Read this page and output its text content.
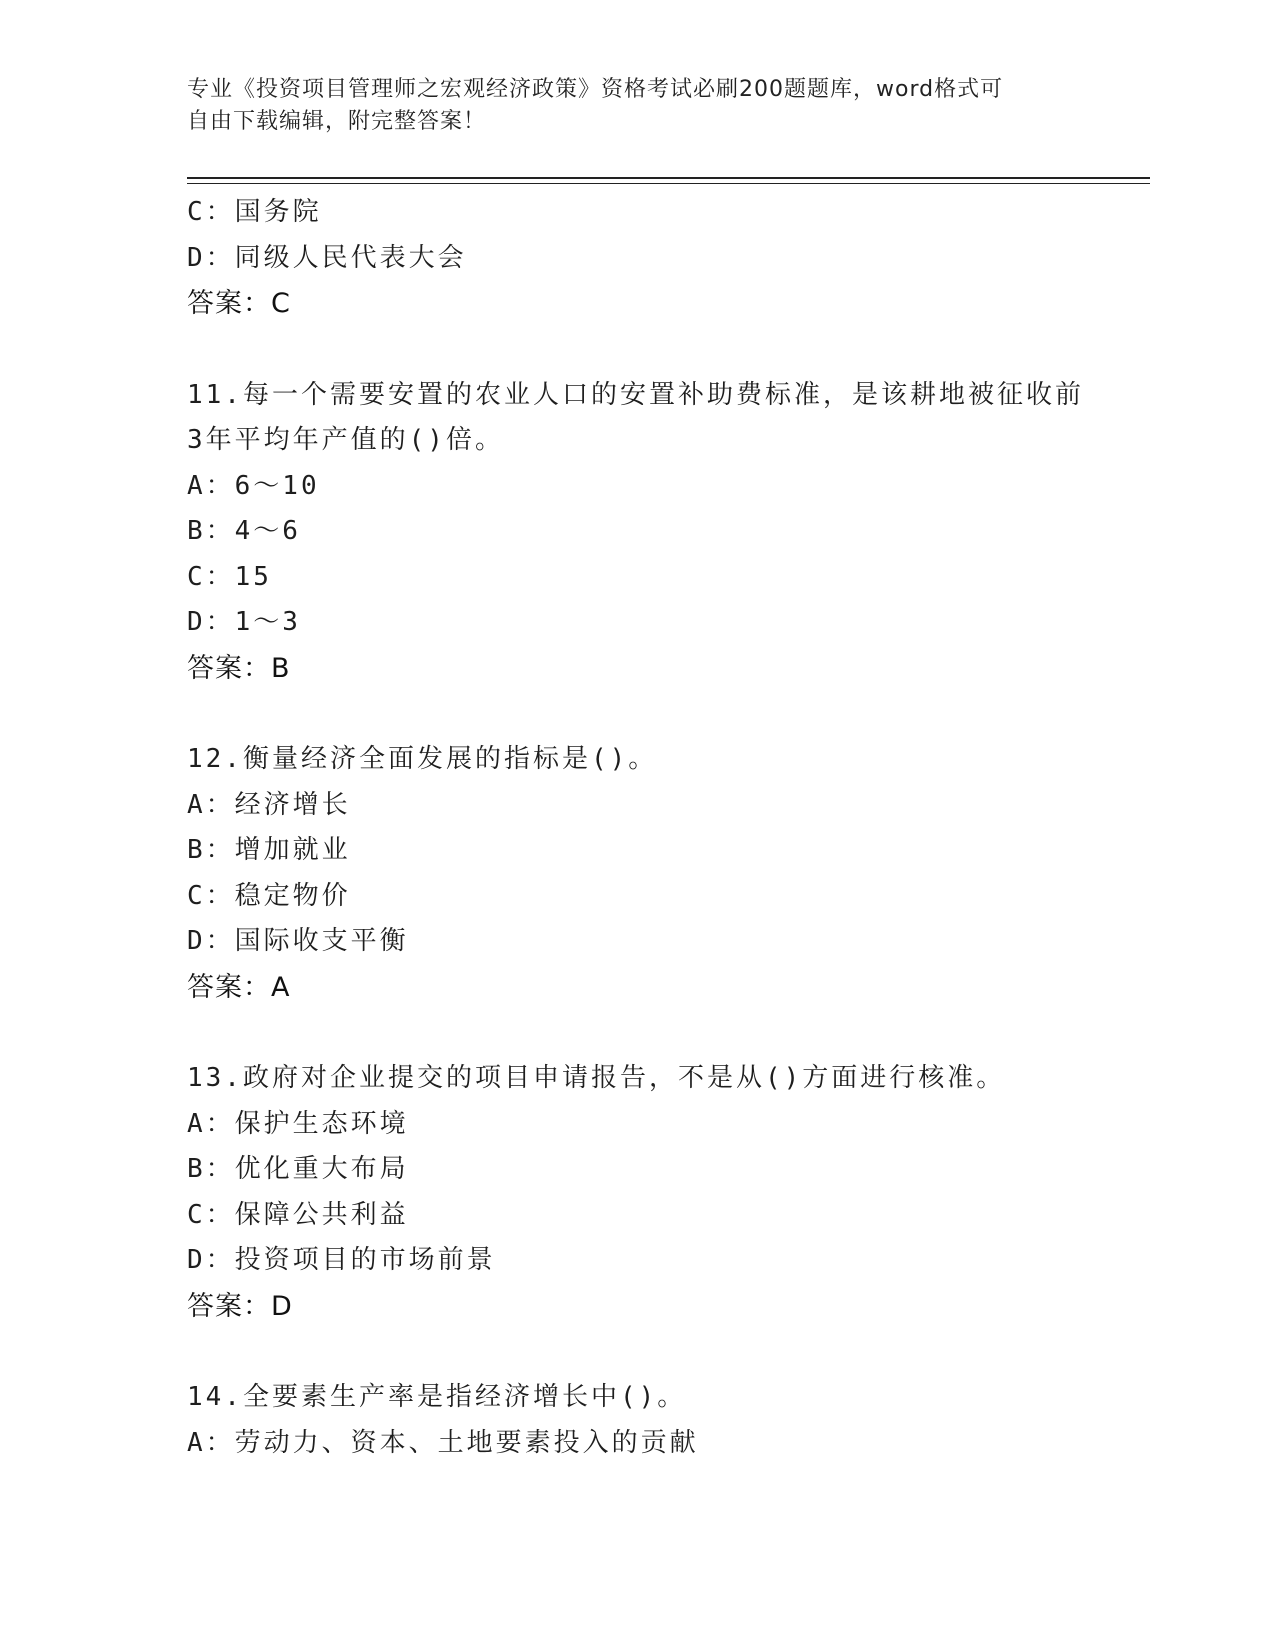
专业《投资项目管理师之宏观经济政策》资格考试必刷200题题库，word格式可
自由下载编辑，附完整答案！
C：国务院
D：同级人民代表大会
答案：C
11.每一个需要安置的农业人口的安置补助费标准，是该耕地被征收前
3年平均年产值的()倍。
A：6～10
B：4～6
C：15
D：1～3
答案：B
12.衡量经济全面发展的指标是()。
A：经济增长
B：增加就业
C：稳定物价
D：国际收支平衡
答案：A
13.政府对企业提交的项目申请报告，不是从()方面进行核准。
A：保护生态环境
B：优化重大布局
C：保障公共利益
D：投资项目的市场前景
答案：D
14.全要素生产率是指经济增长中()。
A：劳动力、资本、土地要素投入的贡献
